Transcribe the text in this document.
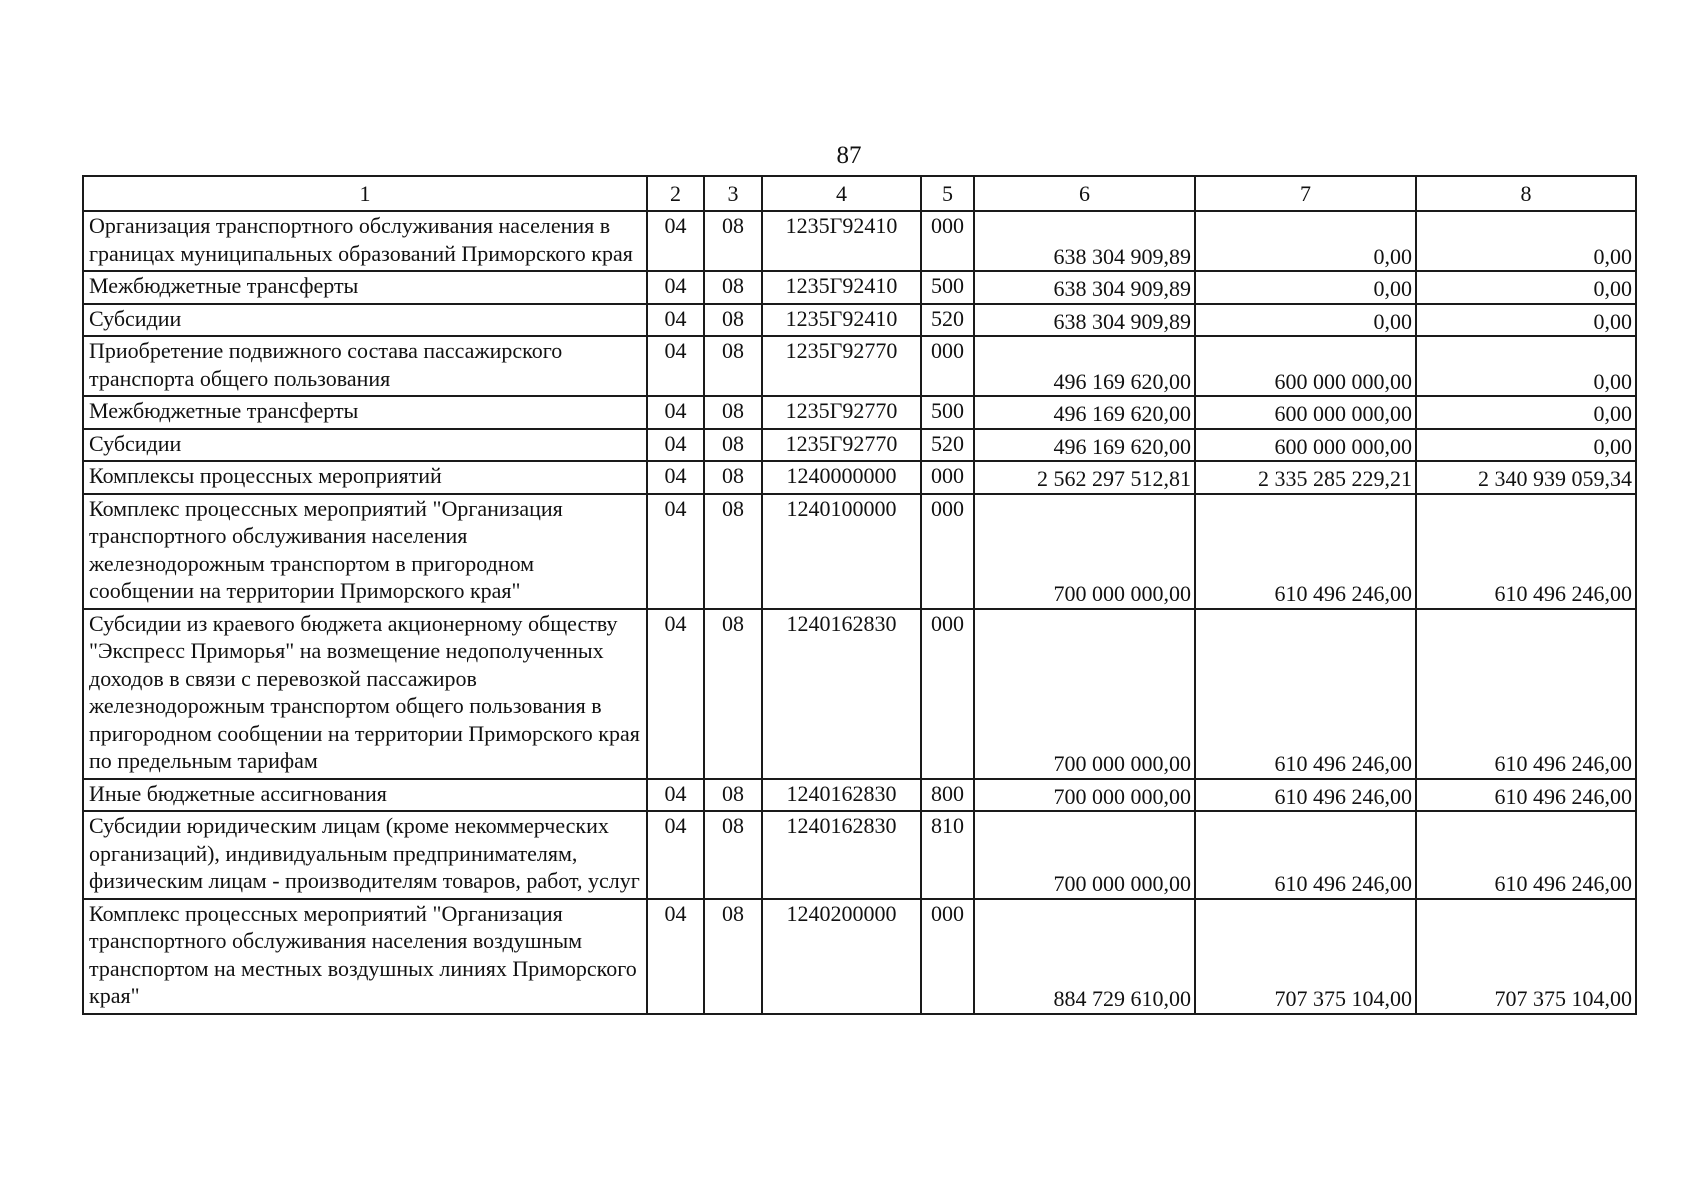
87
1	2	3	4	5	6	7	8
Организация транспортного обслуживания населения в границах муниципальных образований Приморского края	04	08	1235Г92410	000	638 304 909,89	0,00	0,00
Межбюджетные трансферты	04	08	1235Г92410	500	638 304 909,89	0,00	0,00
Субсидии	04	08	1235Г92410	520	638 304 909,89	0,00	0,00
Приобретение подвижного состава пассажирского транспорта общего пользования	04	08	1235Г92770	000	496 169 620,00	600 000 000,00	0,00
Межбюджетные трансферты	04	08	1235Г92770	500	496 169 620,00	600 000 000,00	0,00
Субсидии	04	08	1235Г92770	520	496 169 620,00	600 000 000,00	0,00
Комплексы процессных мероприятий	04	08	1240000000	000	2 562 297 512,81	2 335 285 229,21	2 340 939 059,34
Комплекс процессных мероприятий "Организация транспортного обслуживания населения железнодорожным транспортом в пригородном сообщении на территории Приморского края"	04	08	1240100000	000	700 000 000,00	610 496 246,00	610 496 246,00
Субсидии из краевого бюджета акционерному обществу "Экспресс Приморья" на возмещение недополученных доходов в связи с перевозкой пассажиров железнодорожным транспортом общего пользования в пригородном сообщении на территории Приморского края по предельным тарифам	04	08	1240162830	000	700 000 000,00	610 496 246,00	610 496 246,00
Иные бюджетные ассигнования	04	08	1240162830	800	700 000 000,00	610 496 246,00	610 496 246,00
Субсидии юридическим лицам (кроме некоммерческих организаций), индивидуальным предпринимателям, физическим лицам - производителям товаров, работ, услуг	04	08	1240162830	810	700 000 000,00	610 496 246,00	610 496 246,00
Комплекс процессных мероприятий "Организация транспортного обслуживания населения воздушным транспортом на местных воздушных линиях Приморского края"	04	08	1240200000	000	884 729 610,00	707 375 104,00	707 375 104,00
